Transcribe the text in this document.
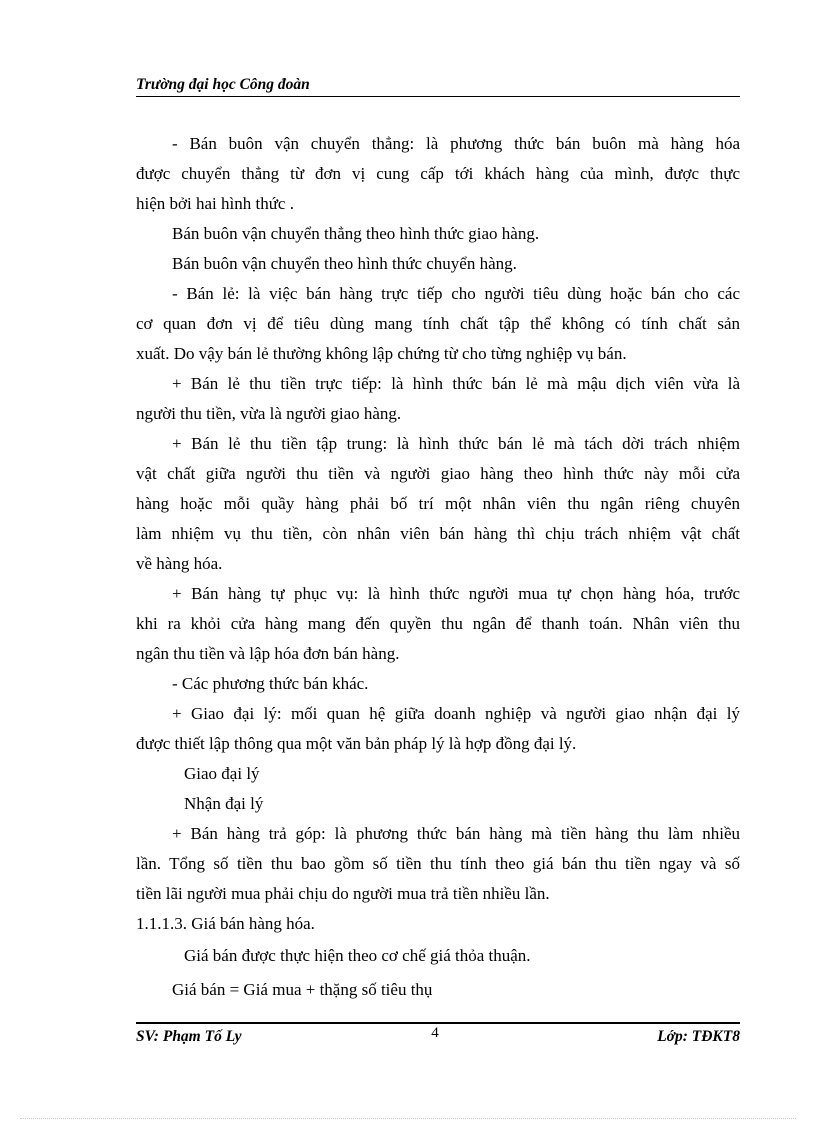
Trường đại học Công đoàn
- Bán buôn vận chuyển thẳng: là phương thức bán buôn mà hàng hóa
được chuyển thẳng từ đơn vị cung cấp tới khách hàng của mình, được thực
hiện bởi hai hình thức .
Bán buôn vận chuyển thẳng theo hình thức giao hàng.
Bán buôn vận chuyển theo hình thức chuyển hàng.
- Bán lẻ: là việc bán hàng trực tiếp cho người tiêu dùng hoặc bán cho các
cơ quan đơn vị để tiêu dùng mang tính chất tập thể không có tính chất sản
xuất. Do vậy bán lẻ thường không lập chứng từ cho từng nghiệp vụ bán.
+ Bán lẻ thu tiền trực tiếp: là hình thức bán lẻ mà mậu dịch viên vừa là
người thu tiền, vừa là người giao hàng.
+ Bán lẻ thu tiền tập trung: là hình thức bán lẻ mà tách dời trách nhiệm
vật chất giữa người thu tiền và người giao hàng theo hình thức này mỗi cửa
hàng hoặc mỗi quầy hàng phải bố trí một nhân viên thu ngân riêng chuyên
làm nhiệm vụ thu tiền, còn nhân viên bán hàng thì chịu trách nhiệm vật chất
về hàng hóa.
+ Bán hàng tự phục vụ: là hình thức người mua tự chọn hàng hóa, trước
khi ra khỏi cửa hàng mang đến quyền thu ngân để thanh toán. Nhân viên thu
ngân thu tiền và lập hóa đơn bán hàng.
- Các phương thức bán khác.
+ Giao đại lý: mối quan hệ giữa doanh nghiệp và người giao nhận đại lý
được thiết lập thông qua một văn bản pháp lý là hợp đồng đại lý.
Giao đại lý
Nhận đại lý
+ Bán hàng trả góp: là phương thức bán hàng mà tiền hàng thu làm nhiều
lần. Tổng số tiền thu bao gồm số tiền thu tính theo giá bán thu tiền ngay và số
tiền lãi người mua phải chịu do người mua trả tiền nhiều lần.
1.1.1.3. Giá bán hàng hóa.
Giá bán được thực hiện theo cơ chế giá thỏa thuận.
Giá bán = Giá mua + thặng số tiêu thụ
SV: Phạm Tố Ly	4	Lớp: TĐKT8
